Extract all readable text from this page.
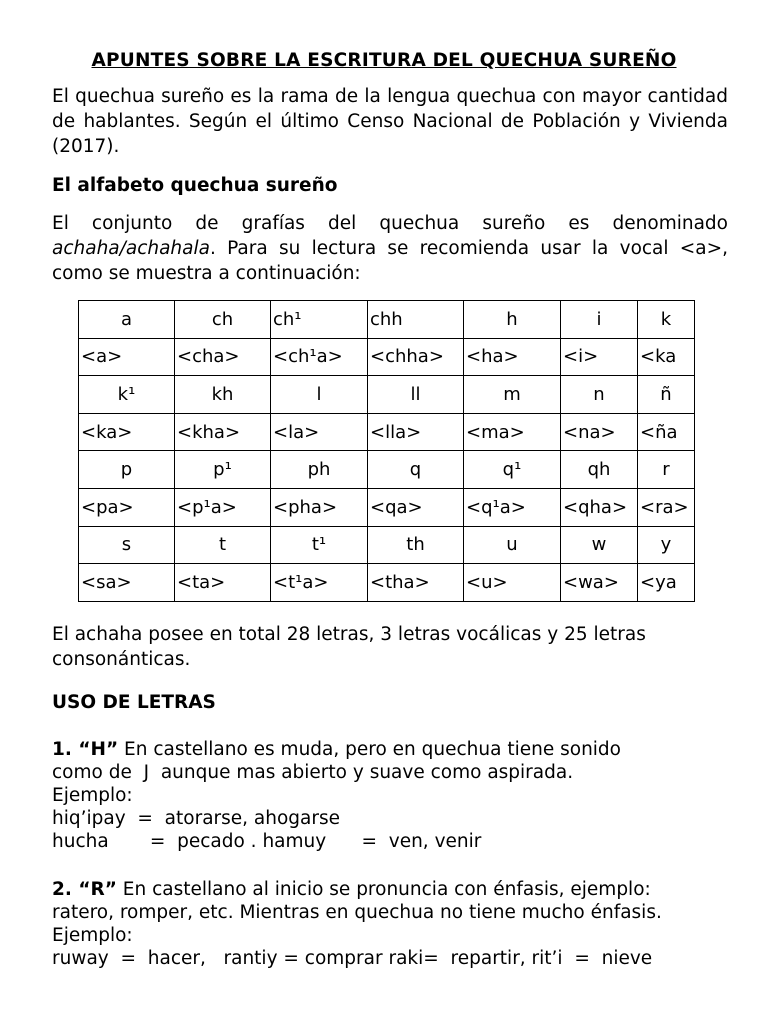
APUNTES SOBRE LA ESCRITURA DEL QUECHUA SUREÑO
El quechua sureño es la rama de la lengua quechua con mayor cantidad de hablantes. Según el último Censo Nacional de Población y Vivienda (2017).
El alfabeto quechua sureño
El conjunto de grafías del quechua sureño es denominado achaha/achahala. Para su lectura se recomienda usar la vocal <a>, como se muestra a continuación:
a	ch	ch¹	chh	h	i	k
<a>	<cha>	<ch¹a>	<chha>	<ha>	<i>	<ka
k¹	kh	l	ll	m	n	ñ
<ka>	<kha>	<la>	<lla>	<ma>	<na>	<ña
p	p¹	ph	q	q¹	qh	r
<pa>	<p¹a>	<pha>	<qa>	<q¹a>	<qha>	<ra>
s	t	t¹	th	u	w	y
<sa>	<ta>	<t¹a>	<tha>	<u>	<wa>	<ya
El achaha posee en total 28 letras, 3 letras vocálicas y 25 letras consonánticas.
USO DE LETRAS
1. “H” En castellano es muda, pero en quechua tiene sonido
como de  J  aunque mas abierto y suave como aspirada.
Ejemplo:
hiq’ipay  =  atorarse, ahogarse
hucha       =  pecado . hamuy      =  ven, venir
2. “R” En castellano al inicio se pronuncia con énfasis, ejemplo:
ratero, romper, etc. Mientras en quechua no tiene mucho énfasis.
Ejemplo:
ruway  =  hacer,   rantiy = comprar raki=  repartir, rit’i  =  nieve
